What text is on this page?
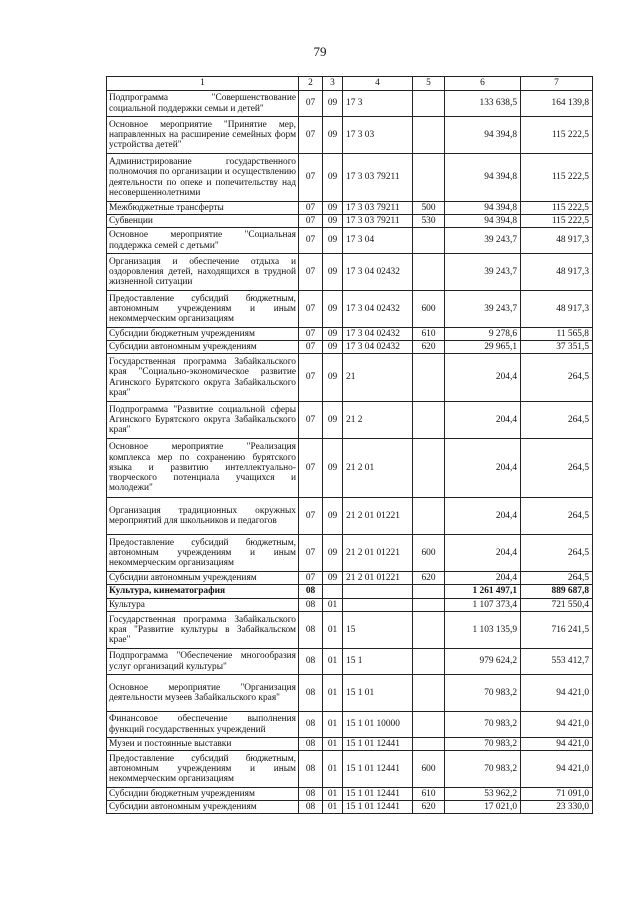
79
1	2	3	4	5	6	7
Подпрограмма "Совершенствование социальной поддержки семьи и детей"	07	09	17 3		133 638,5	164 139,8
Основное мероприятие "Принятие мер, направленных на расширение семейных форм устройства детей"	07	09	17 3 03		94 394,8	115 222,5
Администрирование государственного полномочия по организации и осуществлению деятельности по опеке и попечительству над несовершеннолетними	07	09	17 3 03 79211		94 394,8	115 222,5
Межбюджетные трансферты	07	09	17 3 03 79211	500	94 394,8	115 222,5
Субвенции	07	09	17 3 03 79211	530	94 394,8	115 222,5
Основное мероприятие "Социальная поддержка семей с детьми"	07	09	17 3 04		39 243,7	48 917,3
Организация и обеспечение отдыха и оздоровления детей, находящихся в трудной жизненной ситуации	07	09	17 3 04 02432		39 243,7	48 917,3
Предоставление субсидий бюджетным, автономным учреждениям и иным некоммерческим организациям	07	09	17 3 04 02432	600	39 243,7	48 917,3
Субсидии бюджетным учреждениям	07	09	17 3 04 02432	610	9 278,6	11 565,8
Субсидии автономным учреждениям	07	09	17 3 04 02432	620	29 965,1	37 351,5
Государственная программа Забайкальского края "Социально-экономическое развитие Агинского Бурятского округа Забайкальского края"	07	09	21		204,4	264,5
Подпрограмма "Развитие социальной сферы Агинского Бурятского округа Забайкальского края"	07	09	21 2		204,4	264,5
Основное мероприятие "Реализация комплекса мер по сохранению бурятского языка и развитию интеллектуально-творческого потенциала учащихся и молодежи"	07	09	21 2 01		204,4	264,5
Организация традиционных окружных мероприятий для школьников и педагогов	07	09	21 2 01 01221		204,4	264,5
Предоставление субсидий бюджетным, автономным учреждениям и иным некоммерческим организациям	07	09	21 2 01 01221	600	204,4	264,5
Субсидии автономным учреждениям	07	09	21 2 01 01221	620	204,4	264,5
Культура, кинематография	08				1 261 497,1	889 687,8
Культура	08	01			1 107 373,4	721 550,4
Государственная программа Забайкальского края "Развитие культуры в Забайкальском крае"	08	01	15		1 103 135,9	716 241,5
Подпрограмма "Обеспечение многообразия услуг организаций культуры"	08	01	15 1		979 624,2	553 412,7
Основное мероприятие "Организация деятельности музеев Забайкальского края"	08	01	15 1 01		70 983,2	94 421,0
Финансовое обеспечение выполнения функций государственных учреждений	08	01	15 1 01 10000		70 983,2	94 421,0
Музеи и постоянные выставки	08	01	15 1 01 12441		70 983,2	94 421,0
Предоставление субсидий бюджетным, автономным учреждениям и иным некоммерческим организациям	08	01	15 1 01 12441	600	70 983,2	94 421,0
Субсидии бюджетным учреждениям	08	01	15 1 01 12441	610	53 962,2	71 091,0
Субсидии автономным учреждениям	08	01	15 1 01 12441	620	17 021,0	23 330,0
